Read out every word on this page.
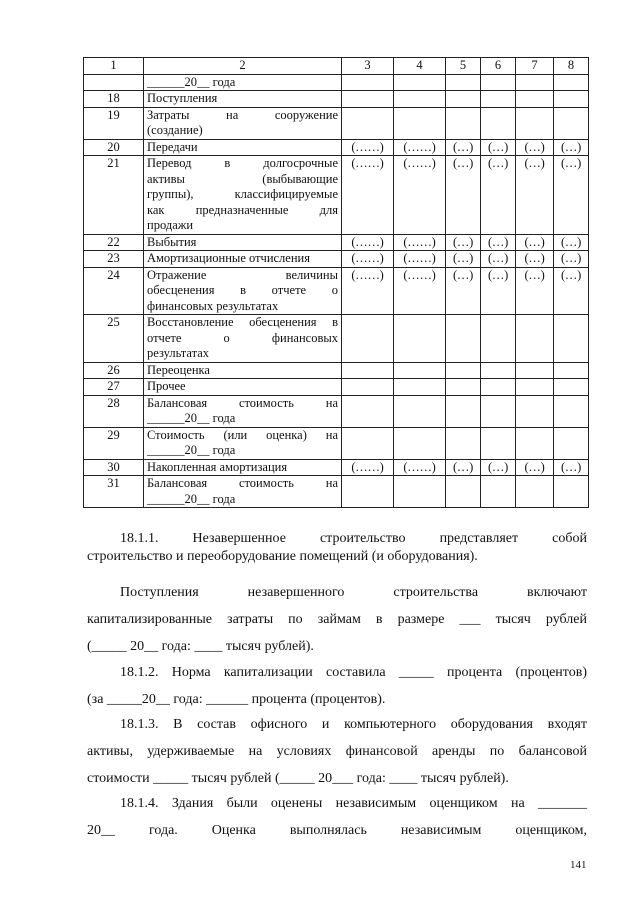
1	2	3	4	5	6	7	8
	______20__ года						
18	Поступления						

19	Затраты на сооружение
(создание)						

20	Передачи	(……)	(……)	(…)	(…)	(…)	(…)
21	Перевод в долгосрочные
активы (выбывающие
группы), классифицируемые
как предназначенные для
продажи	(……)	(……)	(…)	(…)	(…)	(…)
22	Выбытия	(……)	(……)	(…)	(…)	(…)	(…)
23	Амортизационные отчисления	(……)	(……)	(…)	(…)	(…)	(…)
24	Отражение величины
обесценения в отчете о
финансовых результатах	(……)	(……)	(…)	(…)	(…)	(…)
25	Восстановление обесценения в
отчете о финансовых
результатах						

26	Переоценка						

27	Прочее						

28	Балансовая стоимость на
______20__ года						

29	Стоимость (или оценка) на
______20__ года						

30	Накопленная амортизация	(……)	(……)	(…)	(…)	(…)	(…)
31	Балансовая стоимость на
______20__ года						

18.1.1. Незавершенное строительство представляет собой
строительство и переоборудование помещений (и оборудования).
Поступления незавершенного строительства включают
капитализированные затраты по займам в размере ___ тысяч рублей
(_____ 20__ года: ____ тысяч рублей).
18.1.2. Норма капитализации составила _____ процента (процентов)
(за _____20__ года: ______ процента (процентов).
18.1.3. В состав офисного и компьютерного оборудования входят
активы, удерживаемые на условиях финансовой аренды по балансовой
стоимости _____ тысяч рублей (_____ 20___ года: ____ тысяч рублей).
18.1.4. Здания были оценены независимым оценщиком на _______
20__ года. Оценка выполнялась независимым оценщиком,
141
